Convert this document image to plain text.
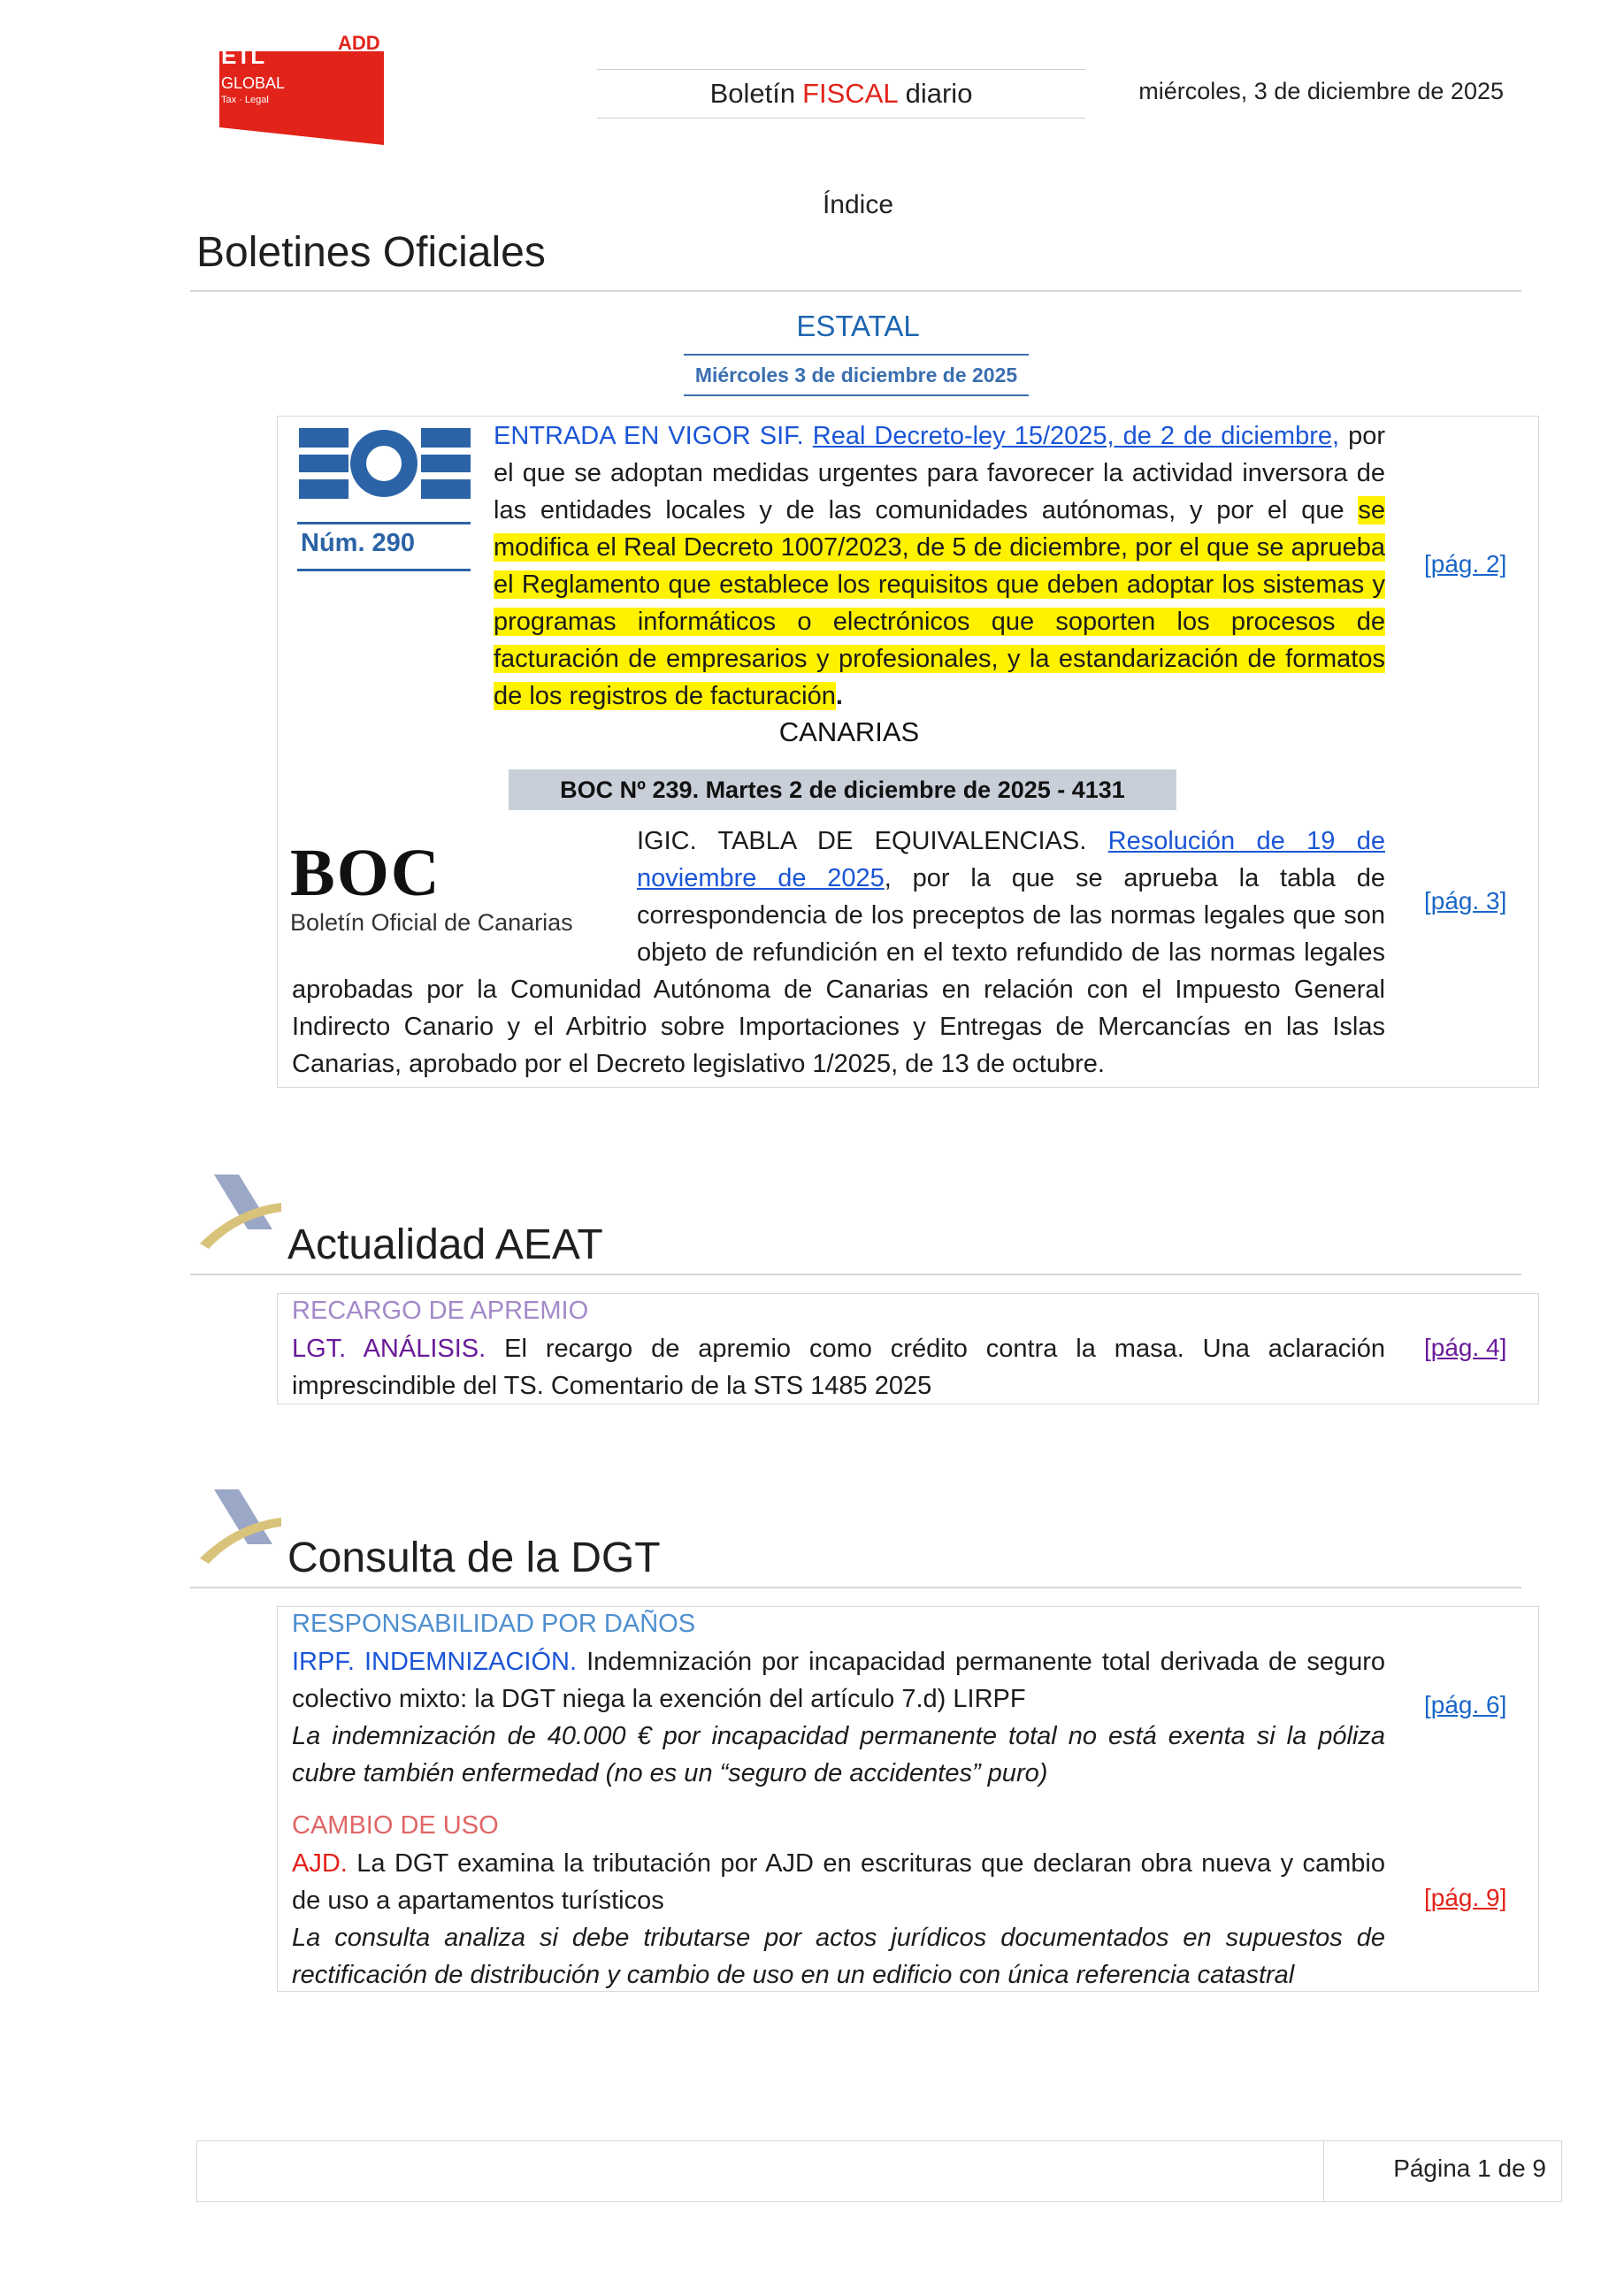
ETL
GLOBAL
Tax · Legal
ADD
Boletín FISCAL diario	miércoles, 3 de diciembre de 2025
Índice
Boletines Oficiales
ESTATAL
Miércoles 3 de diciembre de 2025
Núm. 290
ENTRADA EN VIGOR SIF. Real Decreto-ley 15/2025, de 2 de diciembre, por el que se adoptan medidas urgentes para favorecer la actividad inversora de las entidades locales y de las comunidades autónomas, y por el que se modifica el Real Decreto 1007/2023, de 5 de diciembre, por el que se aprueba el Reglamento que establece los requisitos que deben adoptar los sistemas y programas informáticos o electrónicos que soporten los procesos de facturación de empresarios y profesionales, y la estandarización de formatos de los registros de facturación.
[pág. 2]
CANARIAS
BOC Nº 239. Martes 2 de diciembre de 2025 - 4131
BOC
Boletín Oficial de Canarias
IGIC. TABLA DE EQUIVALENCIAS. Resolución de 19 de noviembre de 2025, por la que se aprueba la tabla de correspondencia de los preceptos de las normas legales que son objeto de refundición en el texto refundido de las normas legales aprobadas por la Comunidad Autónoma de Canarias en relación con el Impuesto General Indirecto Canario y el Arbitrio sobre Importaciones y Entregas de Mercancías en las Islas Canarias, aprobado por el Decreto legislativo 1/2025, de 13 de octubre.
[pág. 3]
Actualidad AEAT
RECARGO DE APREMIO
LGT. ANÁLISIS. El recargo de apremio como crédito contra la masa. Una aclaración imprescindible del TS. Comentario de la STS 1485 2025
[pág. 4]
Consulta de la DGT
RESPONSABILIDAD POR DAÑOS
IRPF. INDEMNIZACIÓN. Indemnización por incapacidad permanente total derivada de seguro colectivo mixto: la DGT niega la exención del artículo 7.d) LIRPF
La indemnización de 40.000 € por incapacidad permanente total no está exenta si la póliza cubre también enfermedad (no es un “seguro de accidentes” puro)
[pág. 6]
CAMBIO DE USO
AJD. La DGT examina la tributación por AJD en escrituras que declaran obra nueva y cambio de uso a apartamentos turísticos
La consulta analiza si debe tributarse por actos jurídicos documentados en supuestos de rectificación de distribución y cambio de uso en un edificio con única referencia catastral
[pág. 9]
Página 1 de 9
